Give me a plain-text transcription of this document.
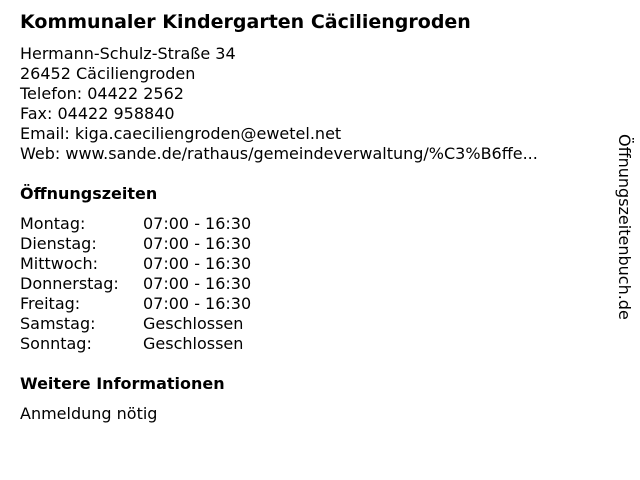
Kommunaler Kindergarten Cäciliengroden
Hermann-Schulz-Straße 34
26452 Cäciliengroden
Telefon: 04422 2562
Fax: 04422 958840
Email: kiga.caeciliengroden@ewetel.net
Web: www.sande.de/rathaus/gemeindeverwaltung/%C3%B6ffe...
Öffnungszeiten
Montag:	07:00 - 16:30
Dienstag:	07:00 - 16:30
Mittwoch:	07:00 - 16:30
Donnerstag: 07:00 - 16:30
Freitag:	07:00 - 16:30
Samstag:	Geschlossen
Sonntag:	Geschlossen
Weitere Informationen
Anmeldung nötig
Öffnungszeitenbuch.de
